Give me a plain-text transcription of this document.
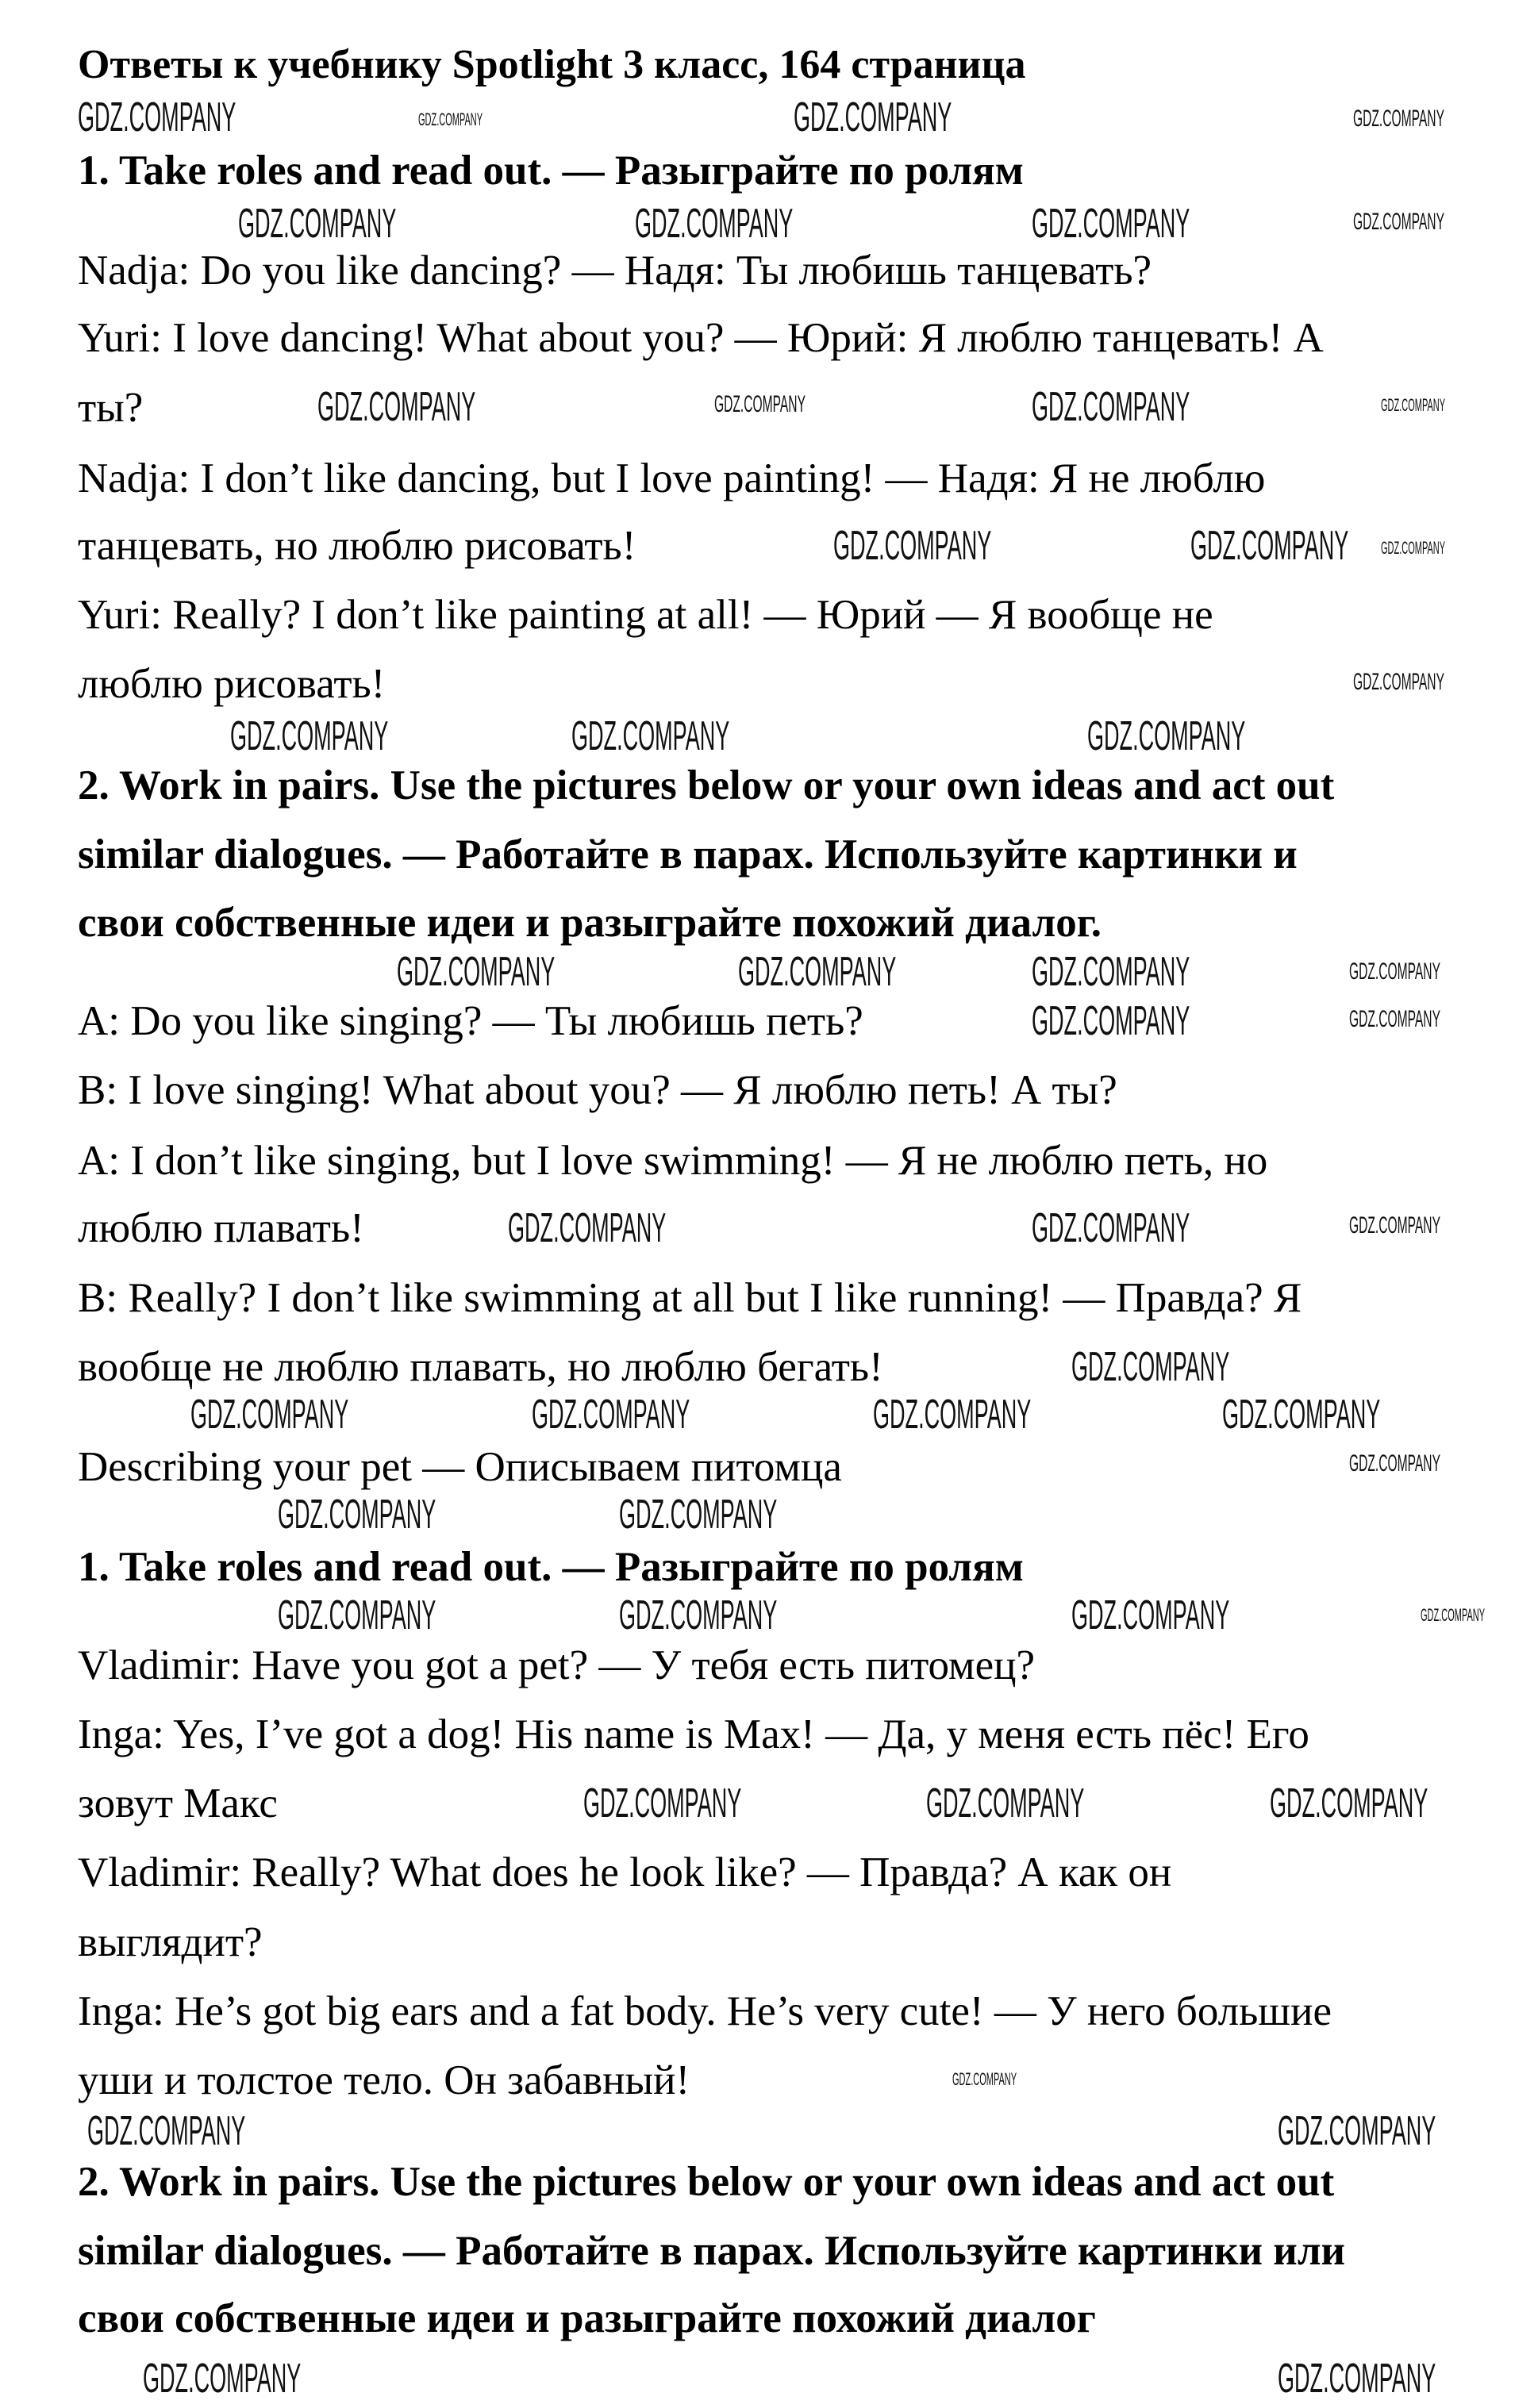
Ответы к учебнику Spotlight 3 класс, 164 страница
1. Take roles and read out. — Разыграйте по ролям
Nadja: Do you like dancing? — Надя: Ты любишь танцевать?
Yuri: I love dancing! What about you? — Юрий: Я люблю танцевать! А
ты?
Nadja: I don’t like dancing, but I love painting! — Надя: Я не люблю
танцевать, но люблю рисовать!
Yuri: Really? I don’t like painting at all! — Юрий — Я вообще не
люблю рисовать!
2. Work in pairs. Use the pictures below or your own ideas and act out
similar dialogues. — Работайте в парах. Используйте картинки и
свои собственные идеи и разыграйте похожий диалог.
A: Do you like singing? — Ты любишь петь?
B: I love singing! What about you? — Я люблю петь! А ты?
A: I don’t like singing, but I love swimming! — Я не люблю петь, но
люблю плавать!
B: Really? I don’t like swimming at all but I like running! — Правда? Я
вообще не люблю плавать, но люблю бегать!
Describing your pet — Описываем питомца
1. Take roles and read out. — Разыграйте по ролям
Vladimir: Have you got a pet? — У тебя есть питомец?
Inga: Yes, I’ve got a dog! His name is Max! — Да, у меня есть пёс! Его
зовут Макс
Vladimir: Really? What does he look like? — Правда? А как он
выглядит?
Inga: He’s got big ears and a fat body. He’s very cute! — У него большие
уши и толстое тело. Он забавный!
2. Work in pairs. Use the pictures below or your own ideas and act out
similar dialogues. — Работайте в парах. Используйте картинки или
свои собственные идеи и разыграйте похожий диалог
GDZ.COMPANY	GDZ.COMPANY
GDZ.COMPANY	GDZ.COMPANY	GDZ.COMPANY
GDZ.COMPANY	GDZ.COMPANY
GDZ.COMPANY	GDZ.COMPANY
GDZ.COMPANY	GDZ.COMPANY	GDZ.COMPANY
GDZ.COMPANY	GDZ.COMPANY	GDZ.COMPANY
GDZ.COMPANY
GDZ.COMPANY	GDZ.COMPANY
GDZ.COMPANY
GDZ.COMPANY	GDZ.COMPANY	GDZ.COMPANY	GDZ.COMPANY
GDZ.COMPANY	GDZ.COMPANY
GDZ.COMPANY	GDZ.COMPANY	GDZ.COMPANY
GDZ.COMPANY	GDZ.COMPANY	GDZ.COMPANY
GDZ.COMPANY	GDZ.COMPANY
GDZ.COMPANY	GDZ.COMPANY
GDZ.COMPANY	GDZ.COMPANY
GDZ.COMPANY
GDZ.COMPANY
GDZ.COMPANY
GDZ.COMPANY
GDZ.COMPANY
GDZ.COMPANY
GDZ.COMPANY
GDZ.COMPANY
GDZ.COMPANY
GDZ.COMPANY
GDZ.COMPANY
